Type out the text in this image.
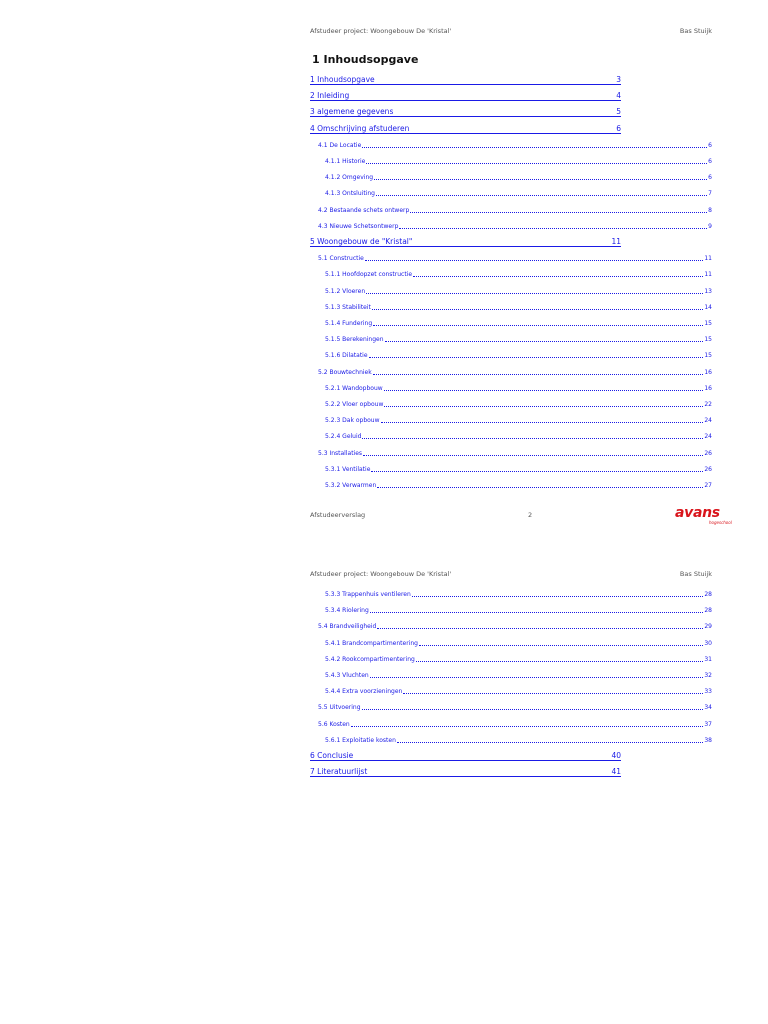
Afstudeer project: Woongebouw De 'Kristal'	Bas Stuijk
1 Inhoudsopgave
1 Inhoudsopgave	3
2 Inleiding	4
3 algemene gegevens	5
4 Omschrijving afstuderen	6
4.1 De Locatie	6
4.1.1 Historie	6
4.1.2 Omgeving	6
4.1.3 Ontsluiting	7
4.2 Bestaande schets ontwerp	8
4.3 Nieuwe Schetsontwerp	9
5 Woongebouw de "Kristal"	11
5.1 Constructie	11
5.1.1 Hoofdopzet constructie	11
5.1.2 Vloeren	13
5.1.3 Stabiliteit	14
5.1.4 Fundering	15
5.1.5 Berekeningen	15
5.1.6 Dilatatie	15
5.2 Bouwtechniek	16
5.2.1 Wandopbouw	16
5.2.2 Vloer opbouw	22
5.2.3 Dak opbouw	24
5.2.4 Geluid	24
5.3 Installaties	26
5.3.1 Ventilatie	26
5.3.2 Verwarmen	27
Afstudeerverslag	2	avans
hogeschool
Afstudeer project: Woongebouw De 'Kristal'	Bas Stuijk
5.3.3 Trappenhuis ventileren	28
5.3.4 Riolering	28
5.4 Brandveiligheid	29
5.4.1 Brandcompartimentering	30
5.4.2 Rookcompartimentering	31
5.4.3 Vluchten	32
5.4.4 Extra voorzieningen	33
5.5 Uitvoering	34
5.6 Kosten	37
5.6.1 Exploitatie kosten	38
6 Conclusie	40
7 Literatuurlijst	41
